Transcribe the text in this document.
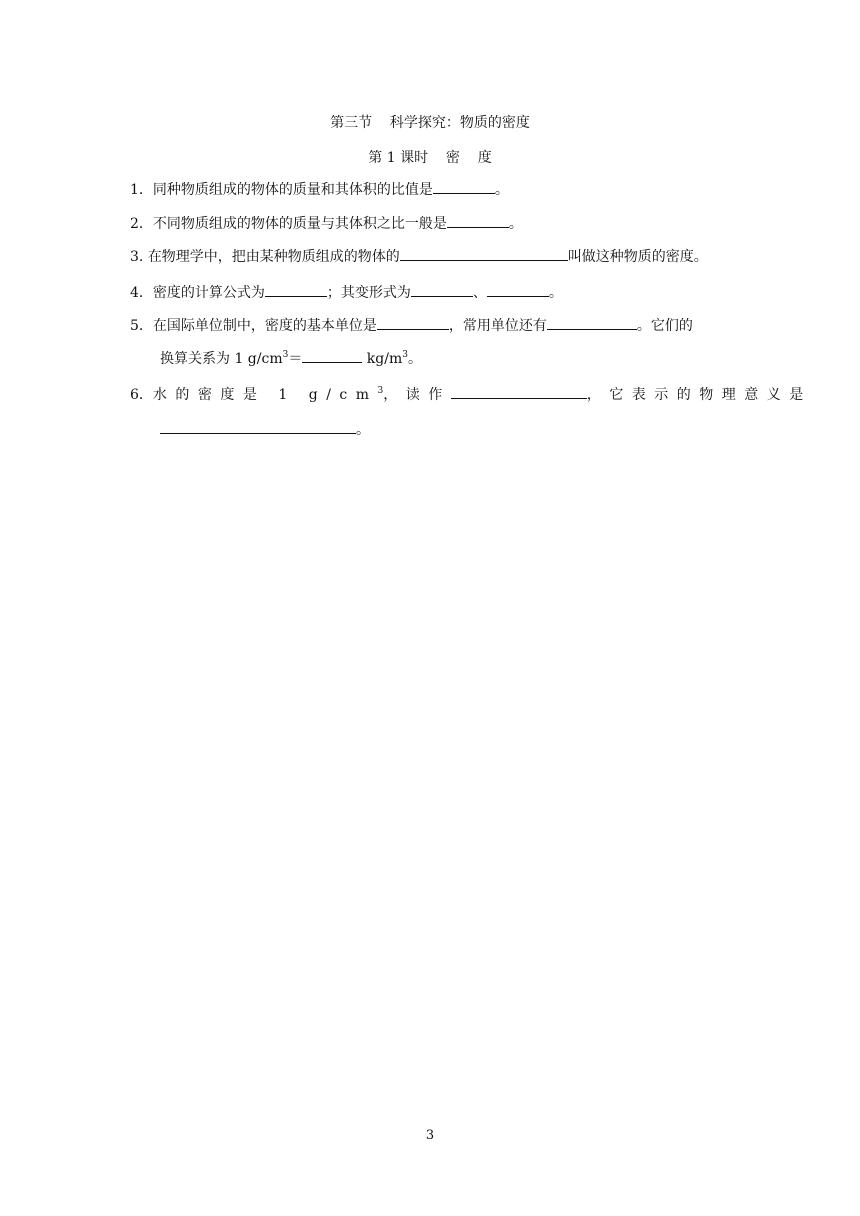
第三节    科学探究：物质的密度
第 1 课时    密    度
1．同种物质组成的物体的质量和其体积的比值是	。
2．不同物质组成的物体的质量与其体积之比一般是	。
3. 在物理学中，把由某种物质组成的物体的	叫做这种物质的密度。
4．密度的计算公式为	；其变形式为	、	。
5．在国际单位制中，密度的基本单位是	，常用单位还有	。它们的
换算关系为 1 $g/cm^3=$	$kg/m^3$。
6．水的密度是 1 $g/cm^3$，读作	，它表示的物理意义是
。
3
